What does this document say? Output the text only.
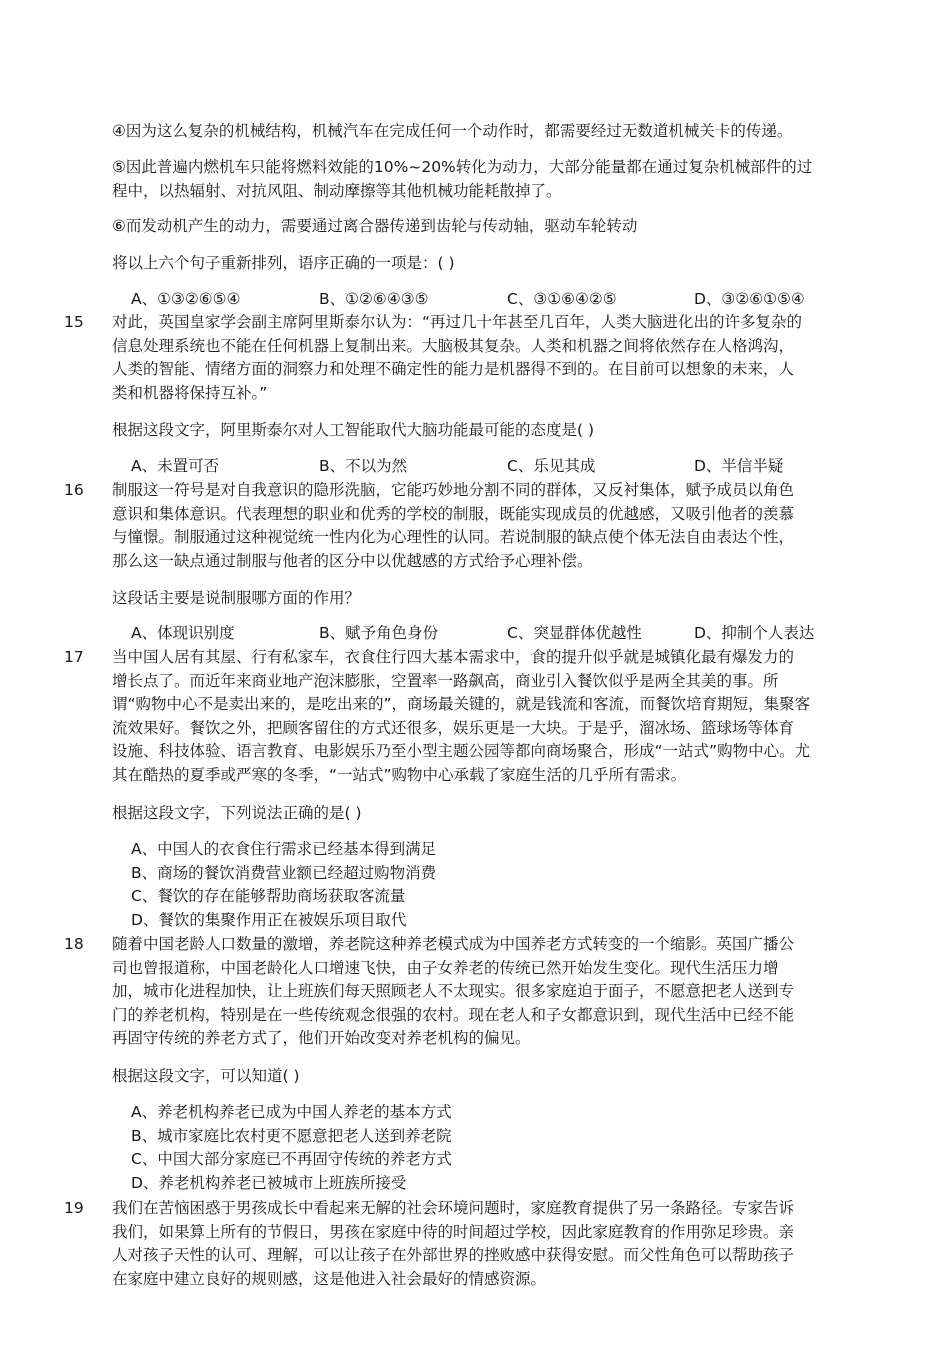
④因为这么复杂的机械结构，机械汽车在完成任何一个动作时，都需要经过无数道机械关卡的传递。
⑤因此普遍内燃机车只能将燃料效能的10%~20%转化为动力，大部分能量都在通过复杂机械部件的过
程中，以热辐射、对抗风阻、制动摩擦等其他机械功能耗散掉了。
⑥而发动机产生的动力，需要通过离合器传递到齿轮与传动轴，驱动车轮转动
将以上六个句子重新排列，语序正确的一项是：( )
A、①③②⑥⑤④	B、①②⑥④③⑤	C、③①⑥④②⑤	D、③②⑥①⑤④
15 对此，英国皇家学会副主席阿里斯泰尔认为：“再过几十年甚至几百年，人类大脑进化出的许多复杂的
信息处理系统也不能在任何机器上复制出来。大脑极其复杂。人类和机器之间将依然存在人格鸿沟，
人类的智能、情绪方面的洞察力和处理不确定性的能力是机器得不到的。在目前可以想象的未来，人
类和机器将保持互补。”
根据这段文字，阿里斯泰尔对人工智能取代大脑功能最可能的态度是( )
A、未置可否	B、不以为然	C、乐见其成	D、半信半疑
16 制服这一符号是对自我意识的隐形洗脑，它能巧妙地分割不同的群体，又反衬集体，赋予成员以角色
意识和集体意识。代表理想的职业和优秀的学校的制服，既能实现成员的优越感，又吸引他者的羡慕
与憧憬。制服通过这种视觉统一性内化为心理性的认同。若说制服的缺点使个体无法自由表达个性，
那么这一缺点通过制服与他者的区分中以优越感的方式给予心理补偿。
这段话主要是说制服哪方面的作用？
A、体现识别度	B、赋予角色身份	C、突显群体优越性	D、抑制个人表达
17 当中国人居有其屋、行有私家车，衣食住行四大基本需求中，食的提升似乎就是城镇化最有爆发力的
增长点了。而近年来商业地产泡沫膨胀，空置率一路飙高，商业引入餐饮似乎是两全其美的事。所
谓“购物中心不是卖出来的，是吃出来的”，商场最关键的，就是钱流和客流，而餐饮培育期短，集聚客
流效果好。餐饮之外，把顾客留住的方式还很多，娱乐更是一大块。于是乎，溜冰场、篮球场等体育
设施、科技体验、语言教育、电影娱乐乃至小型主题公园等都向商场聚合，形成“一站式”购物中心。尤
其在酷热的夏季或严寒的冬季，“一站式”购物中心承载了家庭生活的几乎所有需求。
根据这段文字，下列说法正确的是( )
A、中国人的衣食住行需求已经基本得到满足
B、商场的餐饮消费营业额已经超过购物消费
C、餐饮的存在能够帮助商场获取客流量
D、餐饮的集聚作用正在被娱乐项目取代
18 随着中国老龄人口数量的激增，养老院这种养老模式成为中国养老方式转变的一个缩影。英国广播公
司也曾报道称，中国老龄化人口增速飞快，由子女养老的传统已然开始发生变化。现代生活压力增
加，城市化进程加快，让上班族们每天照顾老人不太现实。很多家庭迫于面子，不愿意把老人送到专
门的养老机构，特别是在一些传统观念很强的农村。现在老人和子女都意识到，现代生活中已经不能
再固守传统的养老方式了，他们开始改变对养老机构的偏见。
根据这段文字，可以知道( )
A、养老机构养老已成为中国人养老的基本方式
B、城市家庭比农村更不愿意把老人送到养老院
C、中国大部分家庭已不再固守传统的养老方式
D、养老机构养老已被城市上班族所接受
19 我们在苦恼困惑于男孩成长中看起来无解的社会环境问题时，家庭教育提供了另一条路径。专家告诉
我们，如果算上所有的节假日，男孩在家庭中待的时间超过学校，因此家庭教育的作用弥足珍贵。亲
人对孩子天性的认可、理解，可以让孩子在外部世界的挫败感中获得安慰。而父性角色可以帮助孩子
在家庭中建立良好的规则感，这是他进入社会最好的情感资源。
